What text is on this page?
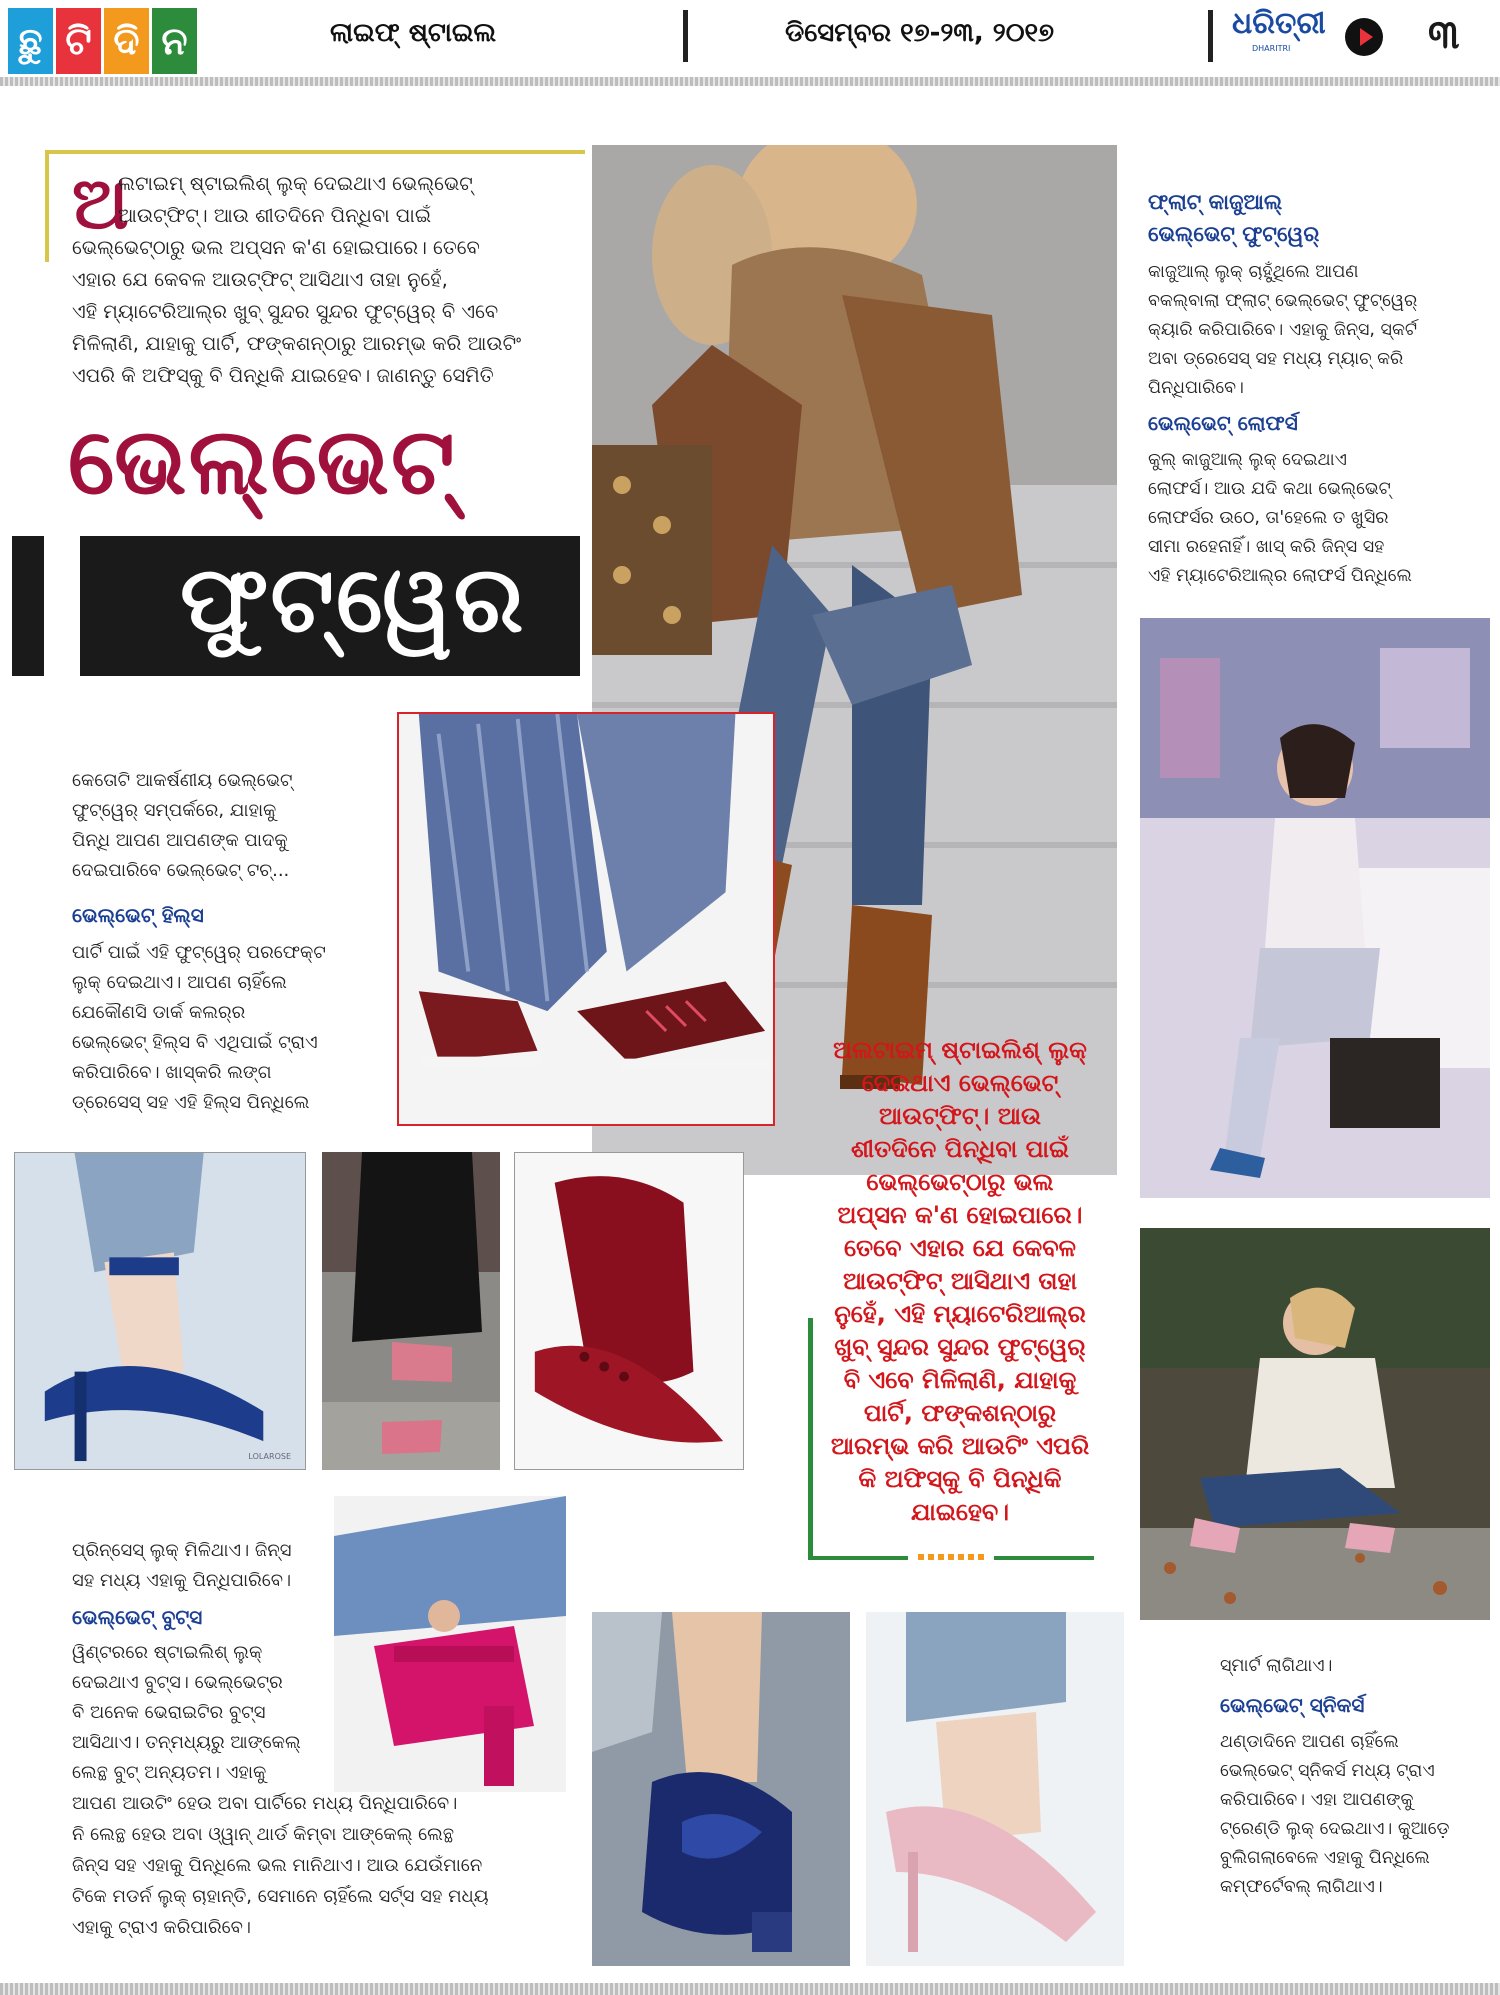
ଛୁ ଟି ଦି ନ	ଲାଇଫ୍ ଷ୍ଟାଇଲ	ଡିସେମ୍ବର ୧୭-୨୩, ୨୦୧୭	ଧରିତ୍ରୀ
DHARITRI	୩
ଅ
ଲଟାଇମ୍ ଷ୍ଟାଇଲିଶ୍ ଲୁକ୍ ଦେଇଥାଏ ଭେଲ୍‌ଭେଟ୍
ଆଉଟ୍‌ଫିଟ୍। ଆଉ ଶୀତଦିନେ ପିନ୍ଧିବା ପାଇଁ
ଭେଲ୍‌ଭେଟ୍‌ଠାରୁ ଭଲ ଅପ୍ସନ କ'ଣ ହୋଇପାରେ। ତେବେ
ଏହାର ଯେ କେବଳ ଆଉଟ୍‌ଫିଟ୍ ଆସିଥାଏ ତାହା ନୁହେଁ,
ଏହି ମ୍ୟାଟେରିଆଲ୍‌ର ଖୁବ୍ ସୁନ୍ଦର ସୁନ୍ଦର ଫୁଟ୍‌ୱେର୍ ବି ଏବେ
ମିଳିଲାଣି, ଯାହାକୁ ପାର୍ଟି, ଫଙ୍କଶନ୍‌ଠାରୁ ଆରମ୍ଭ କରି ଆଉଟିଂ
ଏପରି କି ଅଫିସ୍‌କୁ ବି ପିନ୍ଧିକି ଯାଇହେବ। ଜାଣନ୍ତୁ ସେମିତି
ଭେଲ୍‌ଭେଟ୍
ଫୁଟ୍‌ୱେର
ଫ୍ଲାଟ୍ କାଜୁଆଲ୍
ଭେଲ୍‌ଭେଟ୍ ଫୁଟ୍‌ୱେର୍
କାଜୁଆଲ୍ ଲୁକ୍ ଚାହୁଁଥିଲେ ଆପଣ
ବକଲ୍‌ବାଲା ଫ୍ଲାଟ୍ ଭେଲ୍‌ଭେଟ୍ ଫୁଟ୍‌ୱେର୍
କ୍ୟାରି କରିପାରିବେ। ଏହାକୁ ଜିନ୍ସ, ସ୍କର୍ଟ
ଅବା ଡ୍ରେସେସ୍ ସହ ମଧ୍ୟ ମ୍ୟାଚ୍ କରି
ପିନ୍ଧିପାରିବେ।
ଭେଲ୍‌ଭେଟ୍ ଲୋଫର୍ସ
କୁଲ୍ କାଜୁଆଲ୍ ଲୁକ୍ ଦେଇଥାଏ
ଲୋଫର୍ସ। ଆଉ ଯଦି କଥା ଭେଲ୍‌ଭେଟ୍
ଲୋଫର୍ସର ଉଠେ, ତା'ହେଲେ ତ ଖୁସିର
ସୀମା ରହେନାହିଁ। ଖାସ୍ କରି ଜିନ୍ସ ସହ
ଏହି ମ୍ୟାଟେରିଆଲ୍‌ର ଲୋଫର୍ସ ପିନ୍ଧିଲେ
ସ୍ମାର୍ଟ ଲାଗିଥାଏ।
ଭେଲ୍‌ଭେଟ୍ ସ୍ନିକର୍ସ
ଥଣ୍ଡାଦିନେ ଆପଣ ଚାହିଁଲେ
ଭେଲ୍‌ଭେଟ୍ ସ୍ନିକର୍ସ ମଧ୍ୟ ଟ୍ରାଏ
କରିପାରିବେ। ଏହା ଆପଣଙ୍କୁ
ଟ୍ରେଣ୍ଡି ଲୁକ୍ ଦେଇଥାଏ। କୁଆଡ଼େ
ବୁଲିଗଲାବେଳେ ଏହାକୁ ପିନ୍ଧିଲେ
କମ୍ଫର୍ଟେବଲ୍ ଲାଗିଥାଏ।
କେତୋଟି ଆକର୍ଷଣୀୟ ଭେଲ୍‌ଭେଟ୍
ଫୁଟ୍‌ୱେର୍ ସମ୍ପର୍କରେ, ଯାହାକୁ
ପିନ୍ଧି ଆପଣ ଆପଣଙ୍କ ପାଦକୁ
ଦେଇପାରିବେ ଭେଲ୍‌ଭେଟ୍ ଟଚ୍...
ଭେଲ୍‌ଭେଟ୍ ହିଲ୍ସ
ପାର୍ଟି ପାଇଁ ଏହି ଫୁଟ୍‌ୱେର୍ ପରଫେକ୍ଟ
ଲୁକ୍ ଦେଇଥାଏ। ଆପଣ ଚାହିଁଲେ
ଯେକୌଣସି ଡାର୍କ କଲର୍‌ର
ଭେଲ୍‌ଭେଟ୍ ହିଲ୍ସ ବି ଏଥିପାଇଁ ଟ୍ରାଏ
କରିପାରିବେ। ଖାସ୍‌କରି ଲଙ୍ଗ
ଡ୍ରେସେସ୍ ସହ ଏହି ହିଲ୍ସ ପିନ୍ଧିଲେ
LOLAROSE
ଅଲଟାଇମ୍ ଷ୍ଟାଇଲିଶ୍ ଲୁକ୍
ଦେଇଥାଏ ଭେଲ୍‌ଭେଟ୍
ଆଉଟ୍‌ଫିଟ୍। ଆଉ
ଶୀତଦିନେ ପିନ୍ଧିବା ପାଇଁ
ଭେଲ୍‌ଭେଟ୍‌ଠାରୁ ଭଲ
ଅପ୍ସନ କ'ଣ ହୋଇପାରେ।
ତେବେ ଏହାର ଯେ କେବଳ
ଆଉଟ୍‌ଫିଟ୍ ଆସିଥାଏ ତାହା
ନୁହେଁ, ଏହି ମ୍ୟାଟେରିଆଲ୍‌ର
ଖୁବ୍ ସୁନ୍ଦର ସୁନ୍ଦର ଫୁଟ୍‌ୱେର୍
ବି ଏବେ ମିଳିଲାଣି, ଯାହାକୁ
ପାର୍ଟି, ଫଙ୍କଶନ୍‌ଠାରୁ
ଆରମ୍ଭ କରି ଆଉଟିଂ ଏପରି
କି ଅଫିସ୍‌କୁ ବି ପିନ୍ଧିକି
ଯାଇହେବ।
ପ୍ରିନ୍‌ସେସ୍ ଲୁକ୍ ମିଳିଥାଏ। ଜିନ୍ସ
ସହ ମଧ୍ୟ ଏହାକୁ ପିନ୍ଧିପାରିବେ।
ଭେଲ୍‌ଭେଟ୍ ବୁଟ୍ସ
ୱିଣ୍ଟରରେ ଷ୍ଟାଇଲିଶ୍ ଲୁକ୍
ଦେଇଥାଏ ବୁଟ୍ସ। ଭେଲ୍‌ଭେଟ୍‌ର
ବି ଅନେକ ଭେରାଇଟିର ବୁଟ୍ସ
ଆସିଥାଏ। ତନ୍ମଧ୍ୟରୁ ଆଙ୍କେଲ୍
ଲେନ୍ଥ ବୁଟ୍ ଅନ୍ୟତମ। ଏହାକୁ
ଆପଣ ଆଉଟିଂ ହେଉ ଅବା ପାର୍ଟିରେ ମଧ୍ୟ ପିନ୍ଧିପାରିବେ।
ନି ଲେନ୍ଥ ହେଉ ଅବା ଓ୍ୱାନ୍ ଥାର୍ଡ କିମ୍ବା ଆଙ୍କେଲ୍ ଲେନ୍ଥ
ଜିନ୍ସ ସହ ଏହାକୁ ପିନ୍ଧିଲେ ଭଲ ମାନିଥାଏ। ଆଉ ଯେଉଁମାନେ
ଟିକେ ମଡର୍ନ ଲୁକ୍ ଚାହାନ୍ତି, ସେମାନେ ଚାହିଁଲେ ସର୍ଟ୍ସ ସହ ମଧ୍ୟ
ଏହାକୁ ଟ୍ରାଏ କରିପାରିବେ।
